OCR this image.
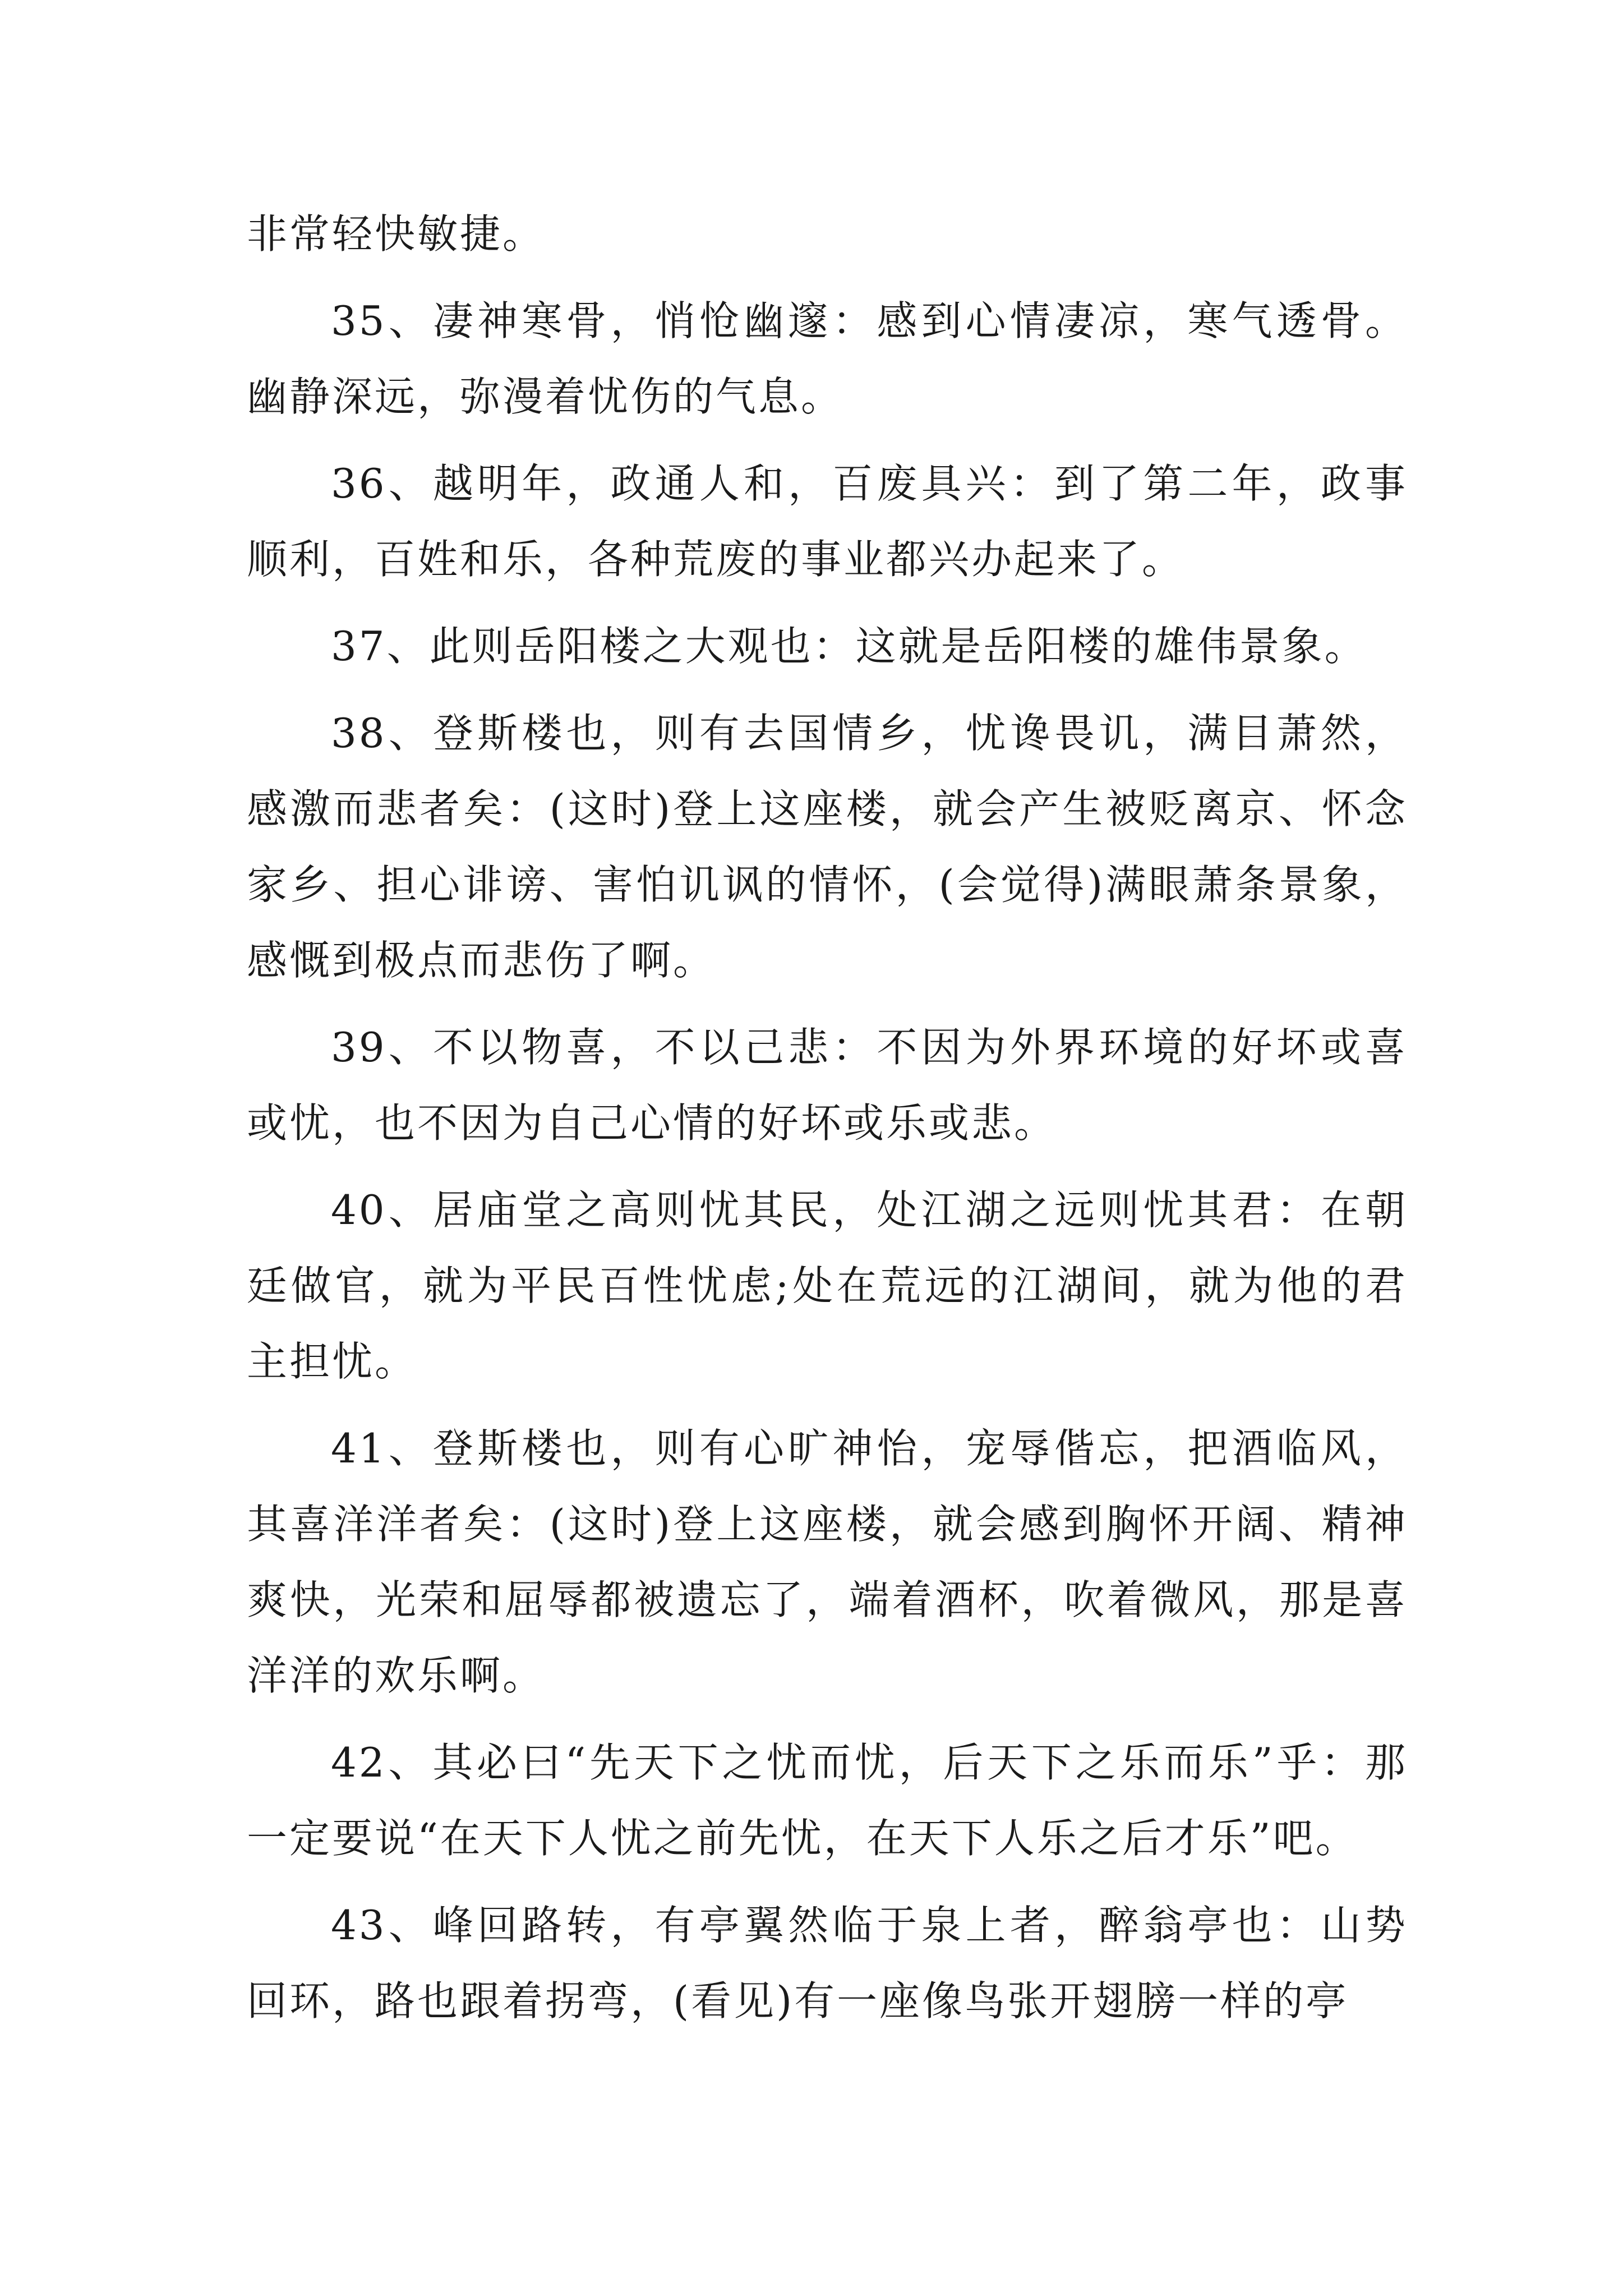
非常轻快敏捷。

35、凄神寒骨，悄怆幽邃：感到心情凄凉，寒气透骨。幽静深远，弥漫着忧伤的气息。

36、越明年，政通人和，百废具兴：到了第二年，政事顺利，百姓和乐，各种荒废的事业都兴办起来了。

37、此则岳阳楼之大观也：这就是岳阳楼的雄伟景象。

38、登斯楼也，则有去国情乡，忧谗畏讥，满目萧然，感激而悲者矣：(这时)登上这座楼，就会产生被贬离京、怀念家乡、担心诽谤、害怕讥讽的情怀，(会觉得)满眼萧条景象，感慨到极点而悲伤了啊。

39、不以物喜，不以己悲：不因为外界环境的好坏或喜或忧，也不因为自己心情的好坏或乐或悲。

40、居庙堂之高则忧其民，处江湖之远则忧其君：在朝廷做官，就为平民百性忧虑;处在荒远的江湖间，就为他的君主担忧。

41、登斯楼也，则有心旷神怡，宠辱偕忘，把酒临风，其喜洋洋者矣：(这时)登上这座楼，就会感到胸怀开阔、精神爽快，光荣和屈辱都被遗忘了，端着酒杯，吹着微风，那是喜洋洋的欢乐啊。

42、其必曰“先天下之忧而忧，后天下之乐而乐”乎：那一定要说“在天下人忧之前先忧，在天下人乐之后才乐”吧。

43、峰回路转，有亭翼然临于泉上者，醉翁亭也：山势回环，路也跟着拐弯，(看见)有一座像鸟张开翅膀一样的亭
